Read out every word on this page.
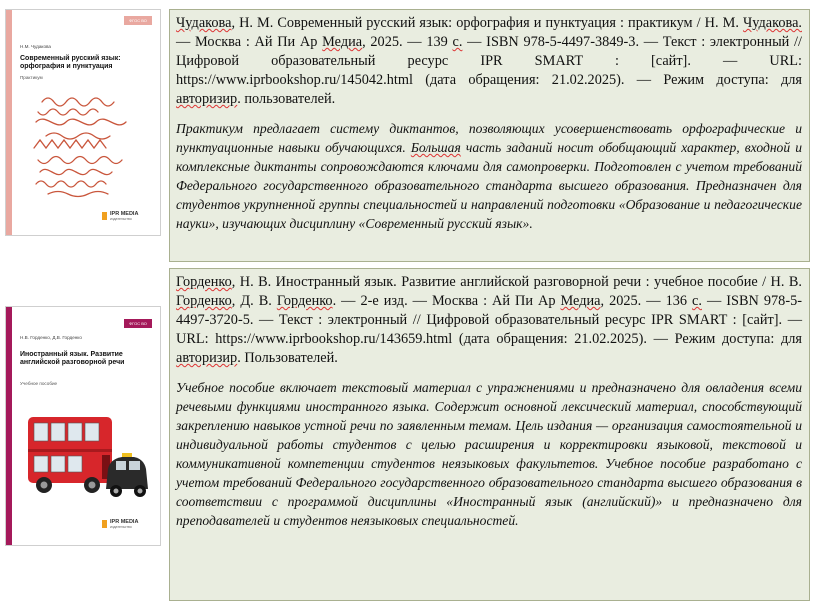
ФГОС ВО
Н.М. Чудакова
Современный русский язык: орфография и пунктуация
Практикум
IPR MEDIA
издательство

Чудакова, Н. М. Современный русский язык: орфография и пунктуация : практикум / Н. М. Чудакова. — Москва : Ай Пи Ар Медиа, 2025. — 139 с. — ISBN 978-5-4497-3849-3. — Текст : электронный // Цифровой образовательный ресурс IPR SMART : [сайт]. — URL: https://www.iprbookshop.ru/145042.html (дата обращения: 21.02.2025). — Режим доступа: для авторизир. пользователей.

Практикум предлагает систему диктантов, позволяющих усовершенствовать орфографические и пунктуационные навыки обучающихся. Большая часть заданий носит обобщающий характер, входной и комплексные диктанты сопровождаются ключами для самопроверки. Подготовлен с учетом требований Федерального государственного образовательного стандарта высшего образования. Предназначен для студентов укрупненной группы специальностей и направлений подготовки «Образование и педагогические науки», изучающих дисциплину «Современный русский язык».

ФГОС ВО
Н.В. Горденко, Д.В. Горденко
Иностранный язык. Развитие английской разговорной речи
Учебное пособие
IPR MEDIA
издательство

Горденко, Н. В. Иностранный язык. Развитие английской разговорной речи : учебное пособие / Н. В. Горденко, Д. В. Горденко. — 2-е изд. — Москва : Ай Пи Ар Медиа, 2025. — 136 с. — ISBN 978-5-4497-3720-5. — Текст : электронный // Цифровой образовательный ресурс IPR SMART : [сайт]. — URL: https://www.iprbookshop.ru/143659.html (дата обращения: 21.02.2025). — Режим доступа: для авторизир. Пользователей.

Учебное пособие включает текстовый материал с упражнениями и предназначено для овладения всеми речевыми функциями иностранного языка. Содержит основной лексический материал, способствующий закреплению навыков устной речи по заявленным темам. Цель издания — организация самостоятельной и индивидуальной работы студентов с целью расширения и корректировки языковой, текстовой и коммуникативной компетенции студентов неязыковых факультетов. Учебное пособие разработано с учетом требований Федерального государственного образовательного стандарта высшего образования в соответствии с программой дисциплины «Иностранный язык (английский)» и предназначено для преподавателей и студентов неязыковых специальностей.
